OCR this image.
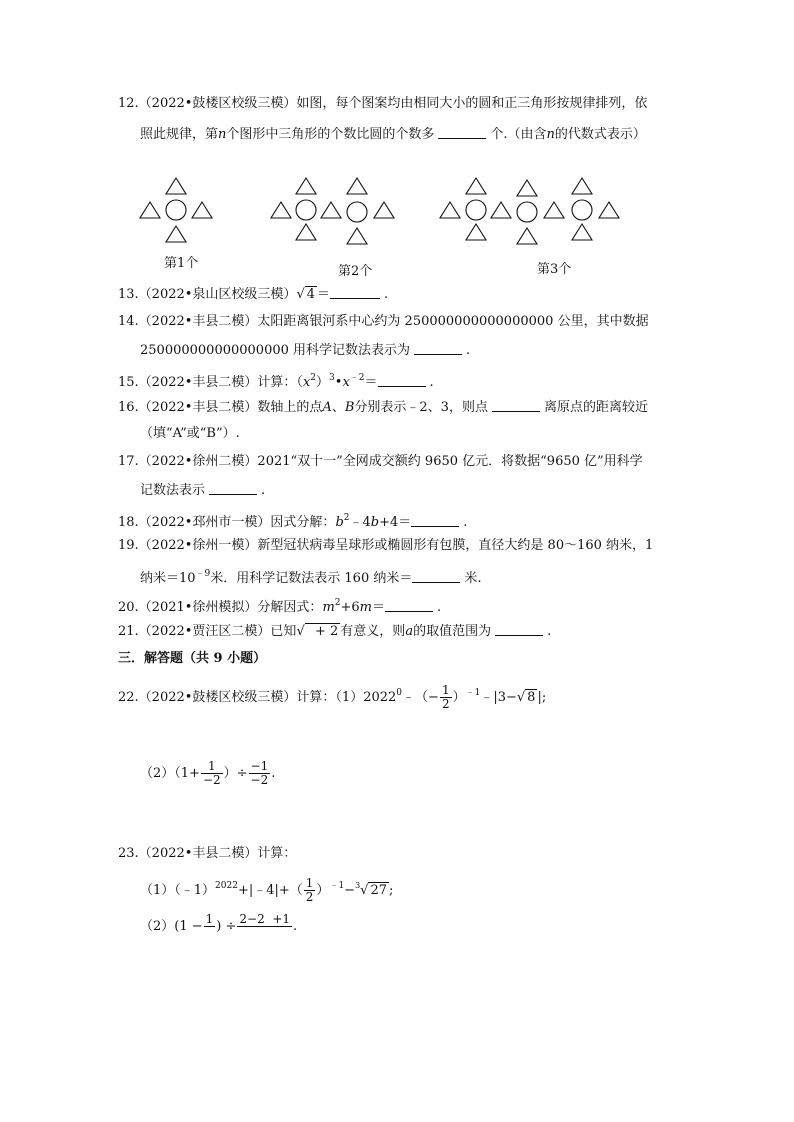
12.（2022•鼓楼区校级三模）如图，每个图案均由相同大小的圆和正三角形按规律排列，依
照此规律，第n个图形中三角形的个数比圆的个数多	个.（由含n的代数式表示）
第1个
第2个	第3个
13.（2022•泉山区校级三模）√ 4 ＝	.
14.（2022•丰县二模）太阳距离银河系中心约为 250000000000000000 公里，其中数据
250000000000000000 用科学记数法表示为	.
15.（2022•丰县二模）计算：$(x^2)^3•x^{﹣2}=$	.
16.（2022•丰县二模）数轴上的点A、B分别表示﹣2、3，则点	离原点的距离较近
（填“A”或“B”）.
17.（2022•徐州二模）2021“双十一”全网成交额约 9650 亿元．将数据“9650 亿”用科学
记数法表示	.
18.（2022•邳州市一模）因式分解：$b^2﹣4b+4=$	.
19.（2022•徐州一模）新型冠状病毒呈球形或椭圆形有包膜，直径大约是 80～160 纳米，1
纳米$=10^{﹣9}$米．用科学记数法表示 160 纳米＝	米.
20.（2021•徐州模拟）分解因式：$m^2+6m=$	.
21.（2022•贾汪区二模）已知√  + 2 有意义，则a的取值范围为	.
三．解答题（共 9 小题）
22.（2022•鼓楼区校级三模）计算：$(1)2022^0﹣(- \frac{1}{2}$ ）$^{﹣1}$﹣|3−√ 8 |;
$(2)(1+ \frac{1}{-2}$ ）÷ $\frac{-1}{-2}$ .
23.（2022•丰县二模）计算：
（1）（﹣1）$^{2022}$+|﹣4|+（ $\frac{1}{2} )^{﹣1}-^3√$ 27 ;
（2）(1 − 1
) ÷ 2−2  +1
.
